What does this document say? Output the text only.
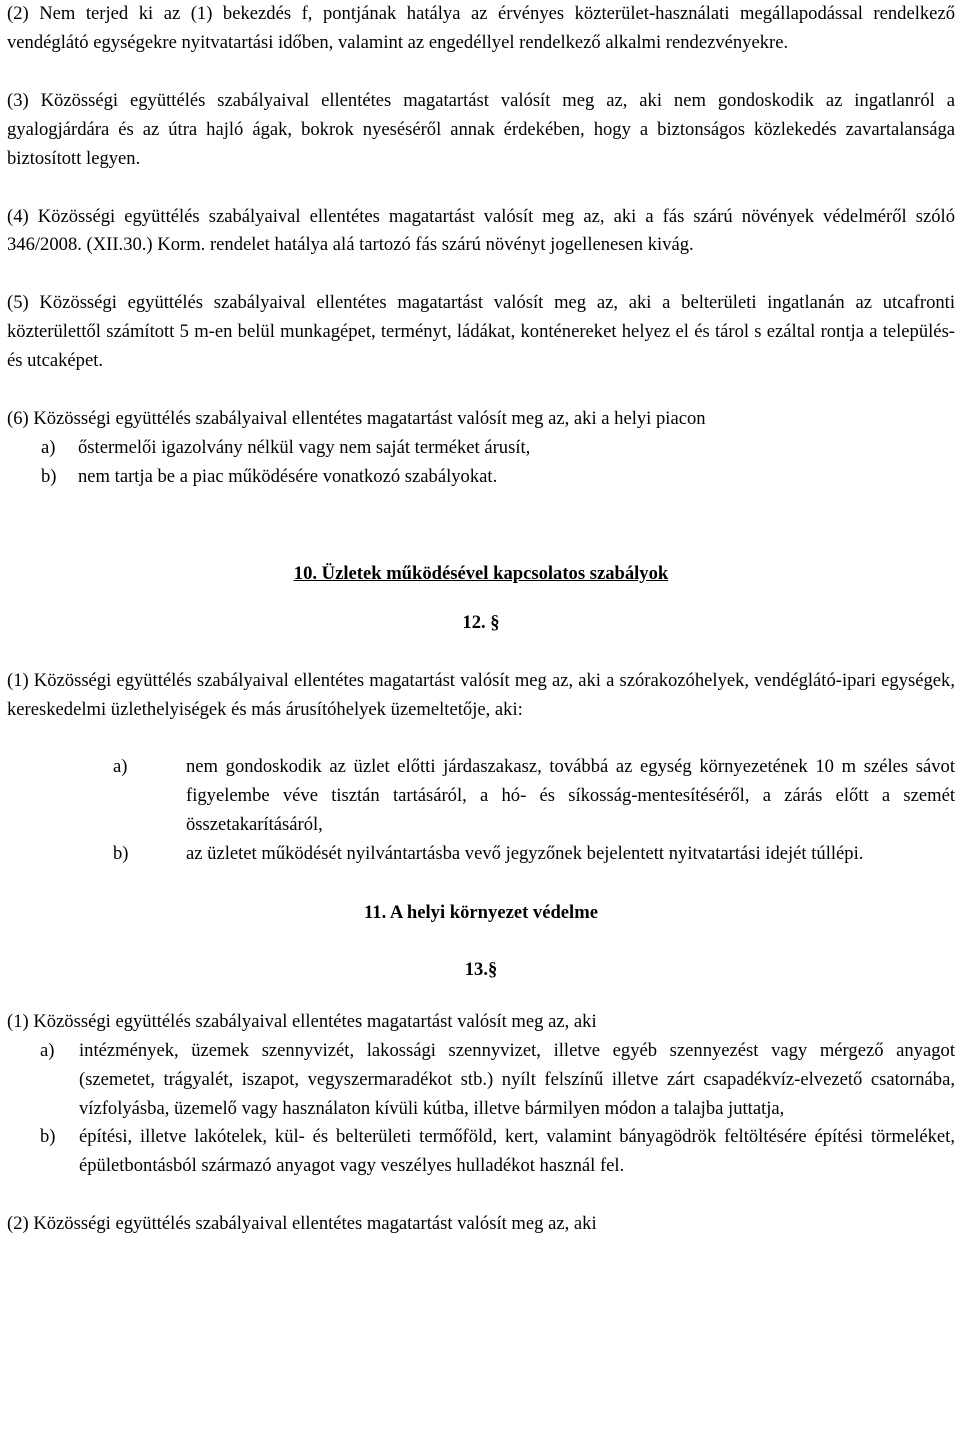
(2) Nem terjed ki az (1) bekezdés f, pontjának hatálya az érvényes közterület-használati megállapodással rendelkező vendéglátó egységekre nyitvatartási időben, valamint az engedéllyel rendelkező alkalmi rendezvényekre.

(3) Közösségi együttélés szabályaival ellentétes magatartást valósít meg az, aki nem gondoskodik az ingatlanról a gyalogjárdára és az útra hajló ágak, bokrok nyeséséről annak érdekében, hogy a biztonságos közlekedés zavartalansága biztosított legyen.

(4) Közösségi együttélés szabályaival ellentétes magatartást valósít meg az, aki a fás szárú növények védelméről szóló 346/2008. (XII.30.) Korm. rendelet hatálya alá tartozó fás szárú növényt jogellenesen kivág.

(5) Közösségi együttélés szabályaival ellentétes magatartást valósít meg az, aki a belterületi ingatlanán az utcafronti közterülettől számított 5 m-en belül munkagépet, terményt, ládákat, konténereket helyez el és tárol s ezáltal rontja a település- és utcaképet.

(6) Közösségi együttélés szabályaival ellentétes magatartást valósít meg az, aki a helyi piacon

a)	őstermelői igazolvány nélkül vagy nem saját terméket árusít,
b)	nem tartja be a piac működésére vonatkozó szabályokat.
10. Üzletek működésével kapcsolatos szabályok
12. §

(1) Közösségi együttélés szabályaival ellentétes magatartást valósít meg az, aki a szórakozóhelyek, vendéglátó-ipari egységek, kereskedelmi üzlethelyiségek és más árusítóhelyek üzemeltetője, aki:

a)	nem gondoskodik az üzlet előtti járdaszakasz, továbbá az egység környezetének 10 m széles sávot figyelembe véve tisztán tartásáról, a hó- és síkosság-mentesítéséről, a zárás előtt a szemét összetakarításáról,
b)	az üzletet működését nyilvántartásba vevő jegyzőnek bejelentett nyitvatartási idejét túllépi.
11. A helyi környezet védelme
13.§

(1) Közösségi együttélés szabályaival ellentétes magatartást valósít meg az, aki

a)	intézmények, üzemek szennyvizét, lakossági szennyvizet, illetve egyéb szennyezést vagy mérgező anyagot (szemetet, trágyalét, iszapot, vegyszermaradékot stb.) nyílt felszínű illetve zárt csapadékvíz-elvezető csatornába, vízfolyásba, üzemelő vagy használaton kívüli kútba, illetve bármilyen módon a talajba juttatja,
b)	építési, illetve lakótelek, kül- és belterületi termőföld, kert, valamint bányagödrök feltöltésére építési törmeléket, épületbontásból származó anyagot vagy veszélyes hulladékot használ fel.

(2) Közösségi együttélés szabályaival ellentétes magatartást valósít meg az, aki
